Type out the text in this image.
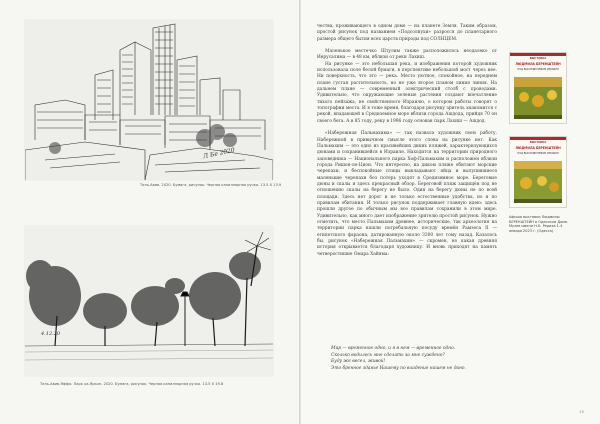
Л Бе 2020
Тель-Авив. 2020. Бумага, рисунок. Черная капиллярная ручка. 13.5 X 13.9
4.12.20
Тель-Авив-Яффо. Парк ха-Яркон. 2020. Бумага, рисунок. Черная капиллярная ручка. 13.5 X 19.8

чества, проживающего в одном доме — на планете Земля. Таким образом, простой рисунок под названием «Подсолнухи» разросся до планетарного размера общего бытия всех царств природы под СОЛНЦЕМ.

Маленькое местечко Штулим также расположилось неодалеко от Иерусалима — в 48 км, вблизи от реки Лахиш.

На рисунке — это небольшая река, и изображения которой художник использовала поле белой бумаги, в перспективе небольшой мост через нее. Ни поверхность, что это — река. Место уютное, спокойное, на переднем плане густая растительность, но не уже второе планом линия линия. На дальнем плане — современный электрический столб с проводами. Удивительно, что окружающие зеленые растения создают впечатление тихого пейзажа, не свойственного Израилю, о котором работы говорят о топографии места. И в тоже время, благодаря рисунку зритель знакомится с рекой, впадающей в Средиземное море вблизи города Ашдода, прийдя 70 он своего бега. А в 85 году, реку в 1996 году основан парк Лахиш — Ашдод.

«Набережная Пальмахима» — так назвала художник свою работу. Набережной в привычном смысле этого слова на рисунке нет. Как Пальмахим — это одно из красивейших диких пляжей, характеризующихся дюнами и сохранившейся в Израиле. Находится на территории природного заповедника — Национального парка Хоф-Пальмахим и расположен вблизи города Ришон-ле-Цион. Что интересно, на диком пляже обитают морские черепахи, и беспокойные птицы выкладывают яйца и вылупившиеся маленькие черепахи без потерь уходят в Средиземное море. Береговые дюны и скалы и здесь прекрасный обзор. Береговой пляж защищён под не отношению скалы на берегу не было. Один на берегу дюны не по всей площади. Здесь нет дорог и не только естественные удобства, но и по правилам обитания. И только рисунок поддерживает главную идею: здесь прошли другое по обычным мы все правилам сохранили в этом мире. Удивительно, как много дает изображение зрителю простой рисунок. Нужно отметить, что место Пальмахим древнее, исторические, так археология на территории парка нашли погребальную посуду времён Рамзеса II — египетского фараона, датированную около 3300 лет тому назад. Казалось бы, рисунок «Набережная Пальмахим» — скромен, но какая древняя история открывается благодаря художнику. И вновь приходят на память четверостишие Омара Хайяма:

Мир — временное одно, и я в нем — временное одно.
Сколько водилось мне сделать за мне суждено?
Буду же весел, живой!
Это бренное зданье Нашему по владение нашем не дано.
ВЫСТАВКА
ЛЮДМИЛА БЕРЕНШТЕЙН
ПОД ВЫСОКИМ НЕБОМ ИЗРАИЛЯ
ВЫСТАВКА
ЛЮДМИЛА БЕРЕНШТЕЙН
ПОД ВЫСОКИМ НЕБОМ ИЗРАИЛЯ
Афиша выставки Людмилы БЕРЕНШТЕЙН в Одесском Доме-Музее имени Н.К. Рериха 1-4 января 2023 г. (Одесса)
45
